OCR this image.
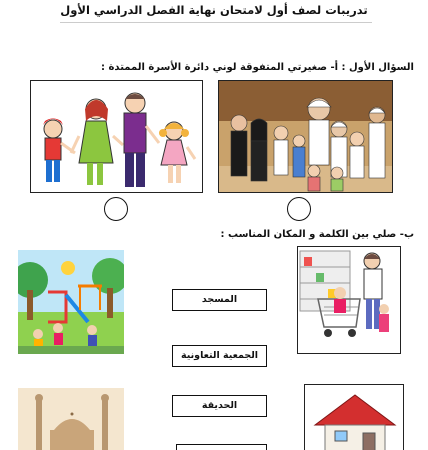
تدريبات لصف أول لامتحان نهاية الفصل الدراسي الأول
السؤال الأول : أ- صغيرتي المتفوقة لوني دائرة الأسرة الممتدة :
ب- صلي بين الكلمة و المكان المناسب :
المسجد
الجمعية التعاونية
الحديقة
